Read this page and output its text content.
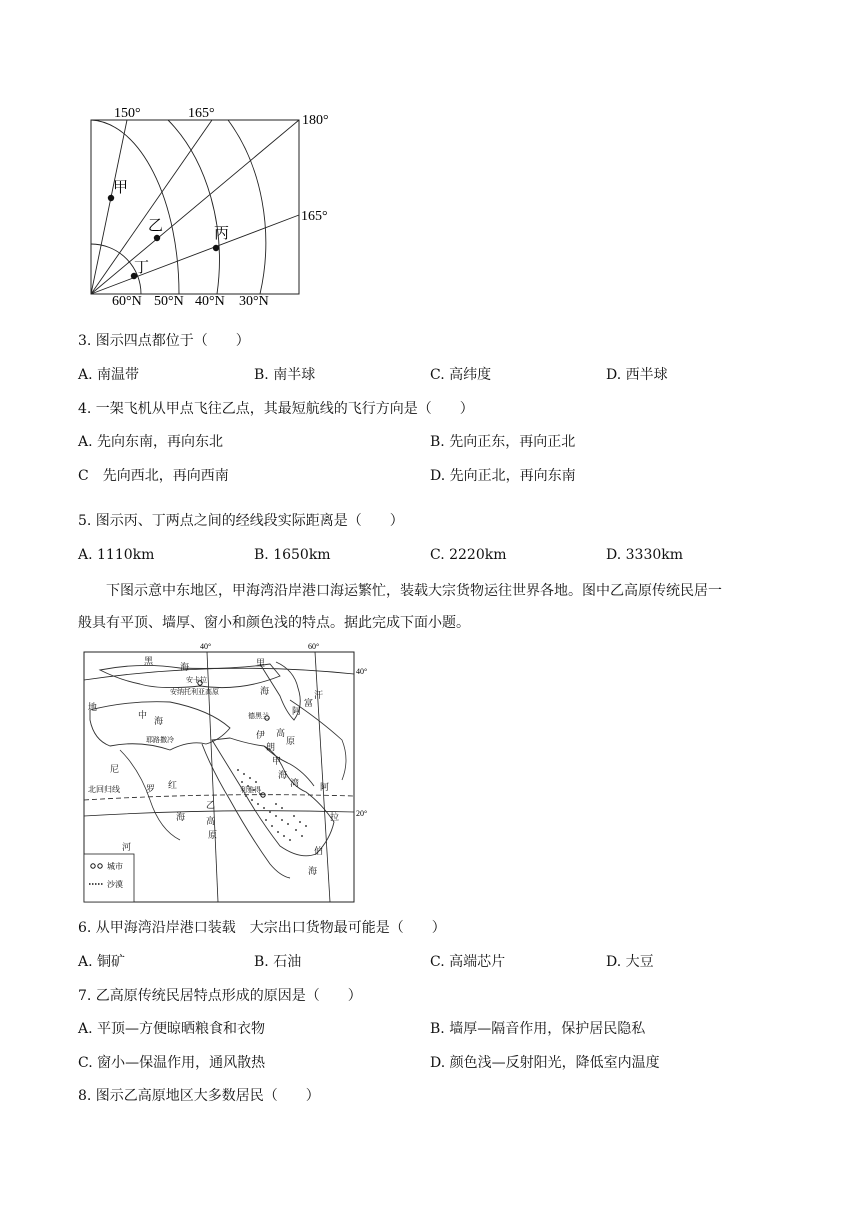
150°	165°	180°
165°
甲
乙	丙
丁
60°N 50°N 40°N 30°N
3. 图示四点都位于（　　）
A. 南温带	B. 南半球	C. 高纬度	D. 西半球
4. 一架飞机从甲点飞往乙点，其最短航线的飞行方向是（　　）
A. 先向东南，再向东北	B. 先向正东，再向正北
C　先向西北，再向西南	D. 先向正北，再向东南
5. 图示丙、丁两点之间的经线段实际距离是（　　）
A. 1110km	B. 1650km	C. 2220km	D. 3330km
下图示意中东地区，甲海湾沿岸港口海运繁忙，装载大宗货物运往世界各地。图中乙高原传统民居一
般具有平顶、墙厚、窗小和颜色浅的特点。据此完成下面小题。
40°	60°
40°
20°
黑
海	里
海
安卡拉
安纳托利亚高原
地
中
海
尼
德黑兰
伊
朗
高
原
阿
富
汗
甲
海
湾
利雅得
红
海
乙
高
原
河
阿
拉
伯
海
罗
耶路撒冷
北回归线
城市
沙漠
6. 从甲海湾沿岸港口装载　大宗出口货物最可能是（　　）
A. 铜矿	B. 石油	C. 高端芯片	D. 大豆
7. 乙高原传统民居特点形成的原因是（　　）
A. 平顶—方便晾晒粮食和衣物	B. 墙厚—隔音作用，保护居民隐私
C. 窗小—保温作用，通风散热	D. 颜色浅—反射阳光，降低室内温度
8. 图示乙高原地区大多数居民（　　）
